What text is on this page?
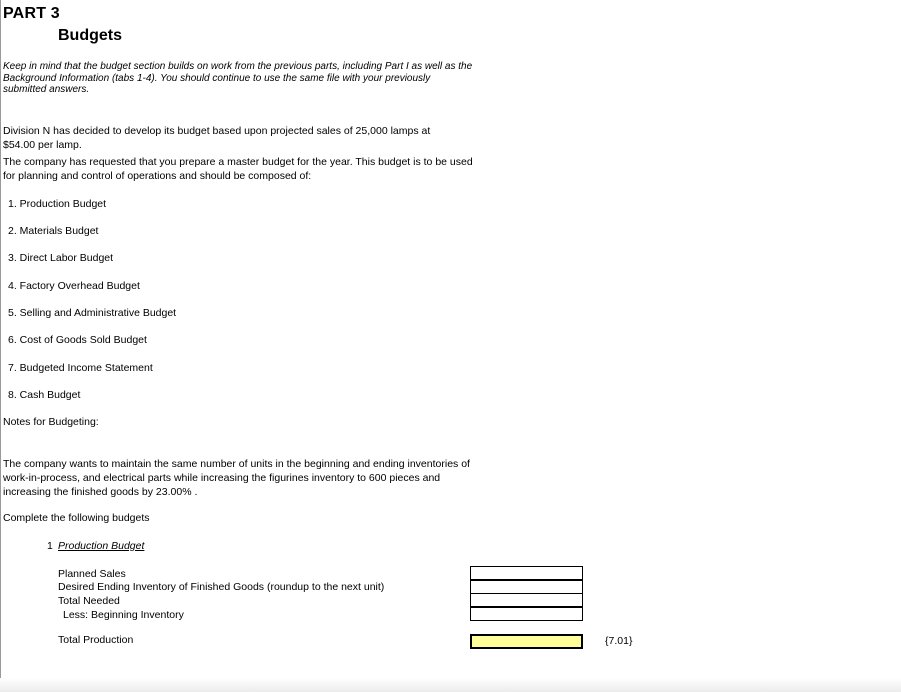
PART 3
Budgets
Keep in mind that the budget section builds on work from the previous parts, including Part I as well as the Background Information (tabs 1-4). You should continue to use the same file with your previously submitted answers.
Division N has decided to develop its budget based upon projected sales of 25,000 lamps at
$54.00 per lamp.
The company has requested that you prepare a master budget for the year. This budget is to be used
for planning and control of operations and should be composed of:
1. Production Budget
2. Materials Budget
3. Direct Labor Budget
4. Factory Overhead Budget
5. Selling and Administrative Budget
6. Cost of Goods Sold Budget
7. Budgeted Income Statement
8. Cash Budget
Notes for Budgeting:
The company wants to maintain the same number of units in the beginning and ending inventories of
work-in-process, and electrical parts while increasing the figurines inventory to 600 pieces and
increasing the finished goods by 23.00% .
Complete the following budgets
1 Production Budget
Planned Sales
Desired Ending Inventory of Finished Goods (roundup to the next unit)
Total Needed
Less: Beginning Inventory
Total Production	{7.01}
